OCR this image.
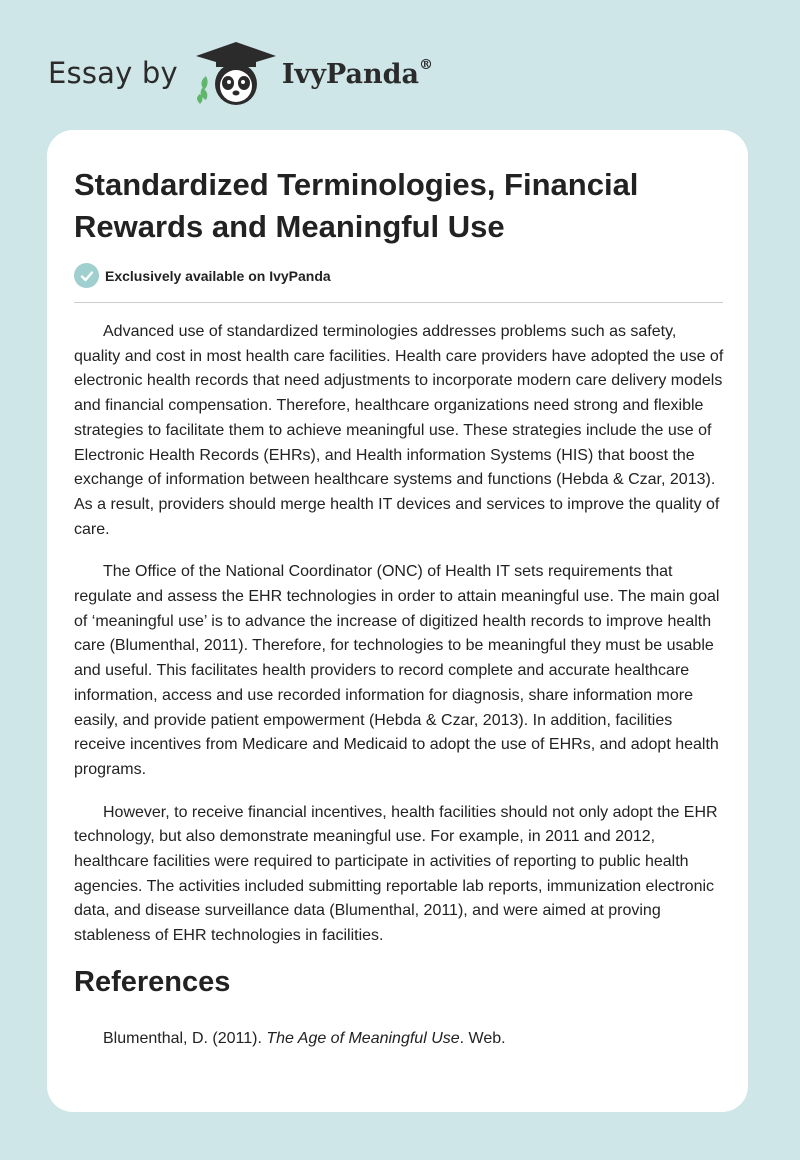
Essay by	IvyPanda®
Standardized Terminologies, Financial Rewards and Meaningful Use
Exclusively available on IvyPanda

Advanced use of standardized terminologies addresses problems such as safety, quality and cost in most health care facilities. Health care providers have adopted the use of electronic health records that need adjustments to incorporate modern care delivery models and financial compensation. Therefore, healthcare organizations need strong and flexible strategies to facilitate them to achieve meaningful use. These strategies include the use of Electronic Health Records (EHRs), and Health information Systems (HIS) that boost the exchange of information between healthcare systems and functions (Hebda & Czar, 2013). As a result, providers should merge health IT devices and services to improve the quality of care.

The Office of the National Coordinator (ONC) of Health IT sets requirements that regulate and assess the EHR technologies in order to attain meaningful use. The main goal of ‘meaningful use’ is to advance the increase of digitized health records to improve health care (Blumenthal, 2011). Therefore, for technologies to be meaningful they must be usable and useful. This facilitates health providers to record complete and accurate healthcare information, access and use recorded information for diagnosis, share information more easily, and provide patient empowerment (Hebda & Czar, 2013). In addition, facilities receive incentives from Medicare and Medicaid to adopt the use of EHRs, and adopt health programs.

However, to receive financial incentives, health facilities should not only adopt the EHR technology, but also demonstrate meaningful use. For example, in 2011 and 2012, healthcare facilities were required to participate in activities of reporting to public health agencies. The activities included submitting reportable lab reports, immunization electronic data, and disease surveillance data (Blumenthal, 2011), and were aimed at proving stableness of EHR technologies in facilities.

References

Blumenthal, D. (2011). The Age of Meaningful Use. Web.
